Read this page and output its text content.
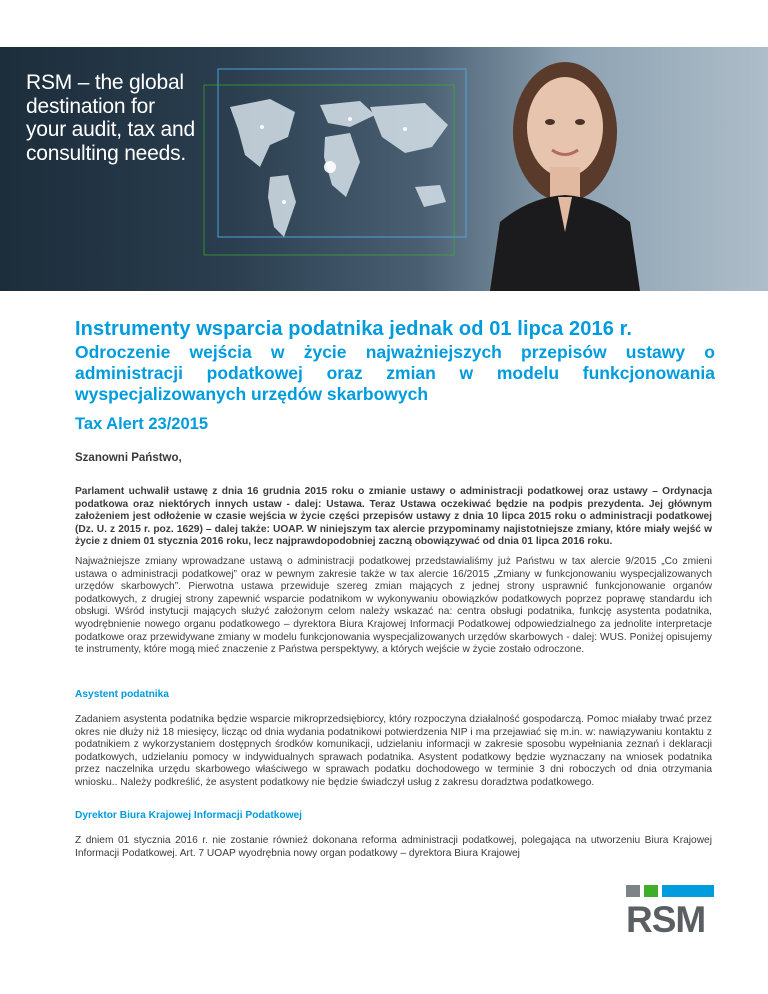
RSM – the global
destination for
your audit, tax and
consulting needs.
Instrumenty wsparcia podatnika jednak od 01 lipca 2016 r.
Odroczenie wejścia w życie najważniejszych przepisów ustawy o administracji podatkowej oraz zmian w modelu funkcjonowania wyspecjalizowanych urzędów skarbowych
Tax Alert 23/2015
Szanowni Państwo,

Parlament uchwalił ustawę z dnia 16 grudnia 2015 roku o zmianie ustawy o administracji podatkowej oraz ustawy – Ordynacja podatkowa oraz niektórych innych ustaw - dalej: Ustawa. Teraz Ustawa oczekiwać będzie na podpis prezydenta. Jej głównym założeniem jest odłożenie w czasie wejścia w życie części przepisów ustawy z dnia 10 lipca 2015 roku o administracji podatkowej (Dz. U. z 2015 r. poz. 1629) – dalej także: UOAP. W niniejszym tax alercie przypominamy najistotniejsze zmiany, które miały wejść w życie z dniem 01 stycznia 2016 roku, lecz najprawdopodobniej zaczną obowiązywać od dnia 01 lipca 2016 roku.

Najważniejsze zmiany wprowadzane ustawą o administracji podatkowej przedstawialiśmy już Państwu w tax alercie 9/2015 „Co zmieni ustawa o administracji podatkowej” oraz w pewnym zakresie także w tax alercie 16/2015 „Zmiany w funkcjonowaniu wyspecjalizowanych urzędów skarbowych”. Pierwotna ustawa przewiduje szereg zmian mających z jednej strony usprawnić funkcjonowanie organów podatkowych, z drugiej strony zapewnić wsparcie podatnikom w wykonywaniu obowiązków podatkowych poprzez poprawę standardu ich obsługi. Wśród instytucji mających służyć założonym celom należy wskazać na: centra obsługi podatnika, funkcję asystenta podatnika, wyodrębnienie nowego organu podatkowego – dyrektora Biura Krajowej Informacji Podatkowej odpowiedzialnego za jednolite interpretacje podatkowe oraz przewidywane zmiany w modelu funkcjonowania wyspecjalizowanych urzędów skarbowych - dalej: WUS. Poniżej opisujemy te instrumenty, które mogą mieć znaczenie z Państwa perspektywy, a których wejście w życie zostało odroczone.

Asystent podatnika

Zadaniem asystenta podatnika będzie wsparcie mikroprzedsiębiorcy, który rozpoczyna działalność gospodarczą. Pomoc miałaby trwać przez okres nie dłuży niż 18 miesięcy, licząc od dnia wydania podatnikowi potwierdzenia NIP i ma przejawiać się m.in. w: nawiązywaniu kontaktu z podatnikiem z wykorzystaniem dostępnych środków komunikacji, udzielaniu informacji w zakresie sposobu wypełniania zeznań i deklaracji podatkowych, udzielaniu pomocy w indywidualnych sprawach podatnika. Asystent podatkowy będzie wyznaczany na wniosek podatnika przez naczelnika urzędu skarbowego właściwego w sprawach podatku dochodowego w terminie 3 dni roboczych od dnia otrzymania wniosku.. Należy podkreślić, że asystent podatkowy nie będzie świadczył usług z zakresu doradztwa podatkowego.

Dyrektor Biura Krajowej Informacji Podatkowej

Z dniem 01 stycznia 2016 r. nie zostanie również dokonana reforma administracji podatkowej, polegająca na utworzeniu Biura Krajowej Informacji Podatkowej. Art. 7 UOAP wyodrębnia nowy organ podatkowy – dyrektora Biura Krajowej

RSM
